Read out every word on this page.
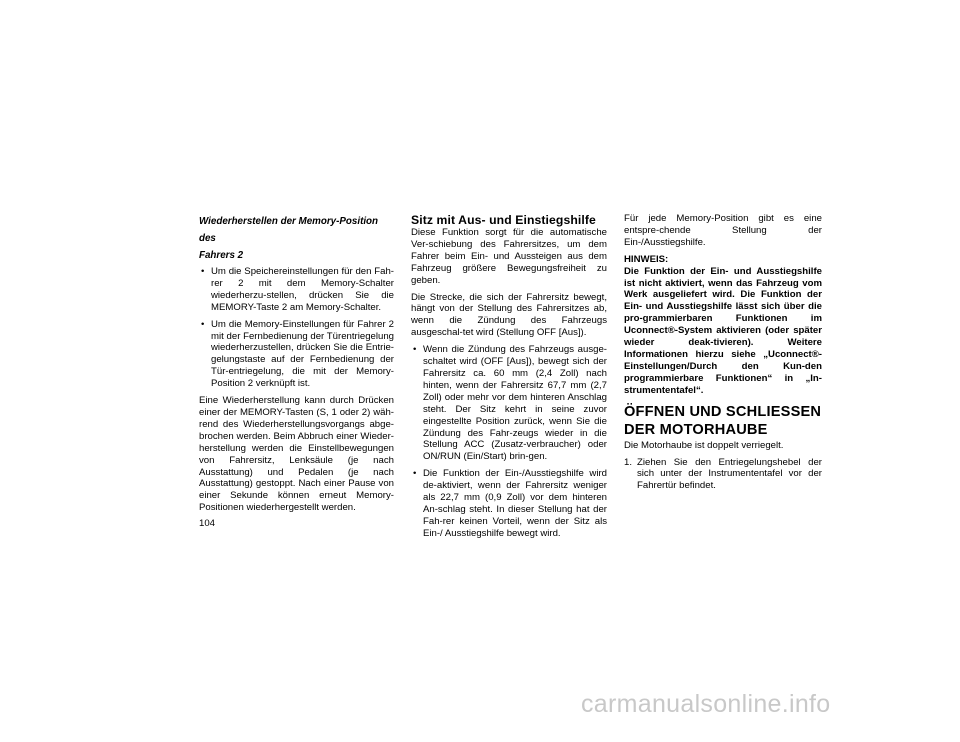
Wiederherstellen der Memory-Position des
Fahrers 2
• Um die Speichereinstellungen für den Fah-rer 2 mit dem Memory-Schalter wiederherzu-stellen, drücken Sie die MEMORY-Taste 2 am Memory-Schalter.
• Um die Memory-Einstellungen für Fahrer 2 mit der Fernbedienung der Türentriegelung wiederherzustellen, drücken Sie die Entrie-gelungstaste auf der Fernbedienung der Tür-entriegelung, die mit der Memory-Position 2 verknüpft ist.

Eine Wiederherstellung kann durch Drücken einer der MEMORY-Tasten (S, 1 oder 2) wäh-rend des Wiederherstellungsvorgangs abge-brochen werden. Beim Abbruch einer Wieder-herstellung werden die Einstellbewegungen von Fahrersitz, Lenksäule (je nach Ausstattung) und Pedalen (je nach Ausstattung) gestoppt. Nach einer Pause von einer Sekunde können erneut Memory-Positionen wiederhergestellt werden.

Sitz mit Aus- und Einstiegshilfe

Diese Funktion sorgt für die automatische Ver-schiebung des Fahrersitzes, um dem Fahrer beim Ein- und Aussteigen aus dem Fahrzeug größere Bewegungsfreiheit zu geben.

Die Strecke, die sich der Fahrersitz bewegt, hängt von der Stellung des Fahrersitzes ab, wenn die Zündung des Fahrzeugs ausgeschal-tet wird (Stellung OFF [Aus]).

• Wenn die Zündung des Fahrzeugs ausge-schaltet wird (OFF [Aus]), bewegt sich der Fahrersitz ca. 60 mm (2,4 Zoll) nach hinten, wenn der Fahrersitz 67,7 mm (2,7 Zoll) oder mehr vor dem hinteren Anschlag steht. Der Sitz kehrt in seine zuvor eingestellte Position zurück, wenn Sie die Zündung des Fahr-zeugs wieder in die Stellung ACC (Zusatz-verbraucher) oder ON/RUN (Ein/Start) brin-gen.
• Die Funktion der Ein-/Ausstiegshilfe wird de-aktiviert, wenn der Fahrersitz weniger als 22,7 mm (0,9 Zoll) vor dem hinteren An-schlag steht. In dieser Stellung hat der Fah-rer keinen Vorteil, wenn der Sitz als Ein-/ Ausstiegshilfe bewegt wird.

Für jede Memory-Position gibt es eine entspre-chende Stellung der Ein-/Ausstiegshilfe.

HINWEIS:

Die Funktion der Ein- und Ausstiegshilfe ist nicht aktiviert, wenn das Fahrzeug vom Werk ausgeliefert wird. Die Funktion der Ein- und Ausstiegshilfe lässt sich über die pro-grammierbaren Funktionen im Uconnect®-System aktivieren (oder später wieder deak-tivieren). Weitere Informationen hierzu siehe „Uconnect®-Einstellungen/Durch den Kun-den programmierbare Funktionen“ in „In-strumententafel“.

ÖFFNEN UND SCHLIESSEN
DER MOTORHAUBE

Die Motorhaube ist doppelt verriegelt.

1. Ziehen Sie den Entriegelungshebel der sich unter der Instrumententafel vor der Fahrertür befindet.
104
carmanualsonline.info
